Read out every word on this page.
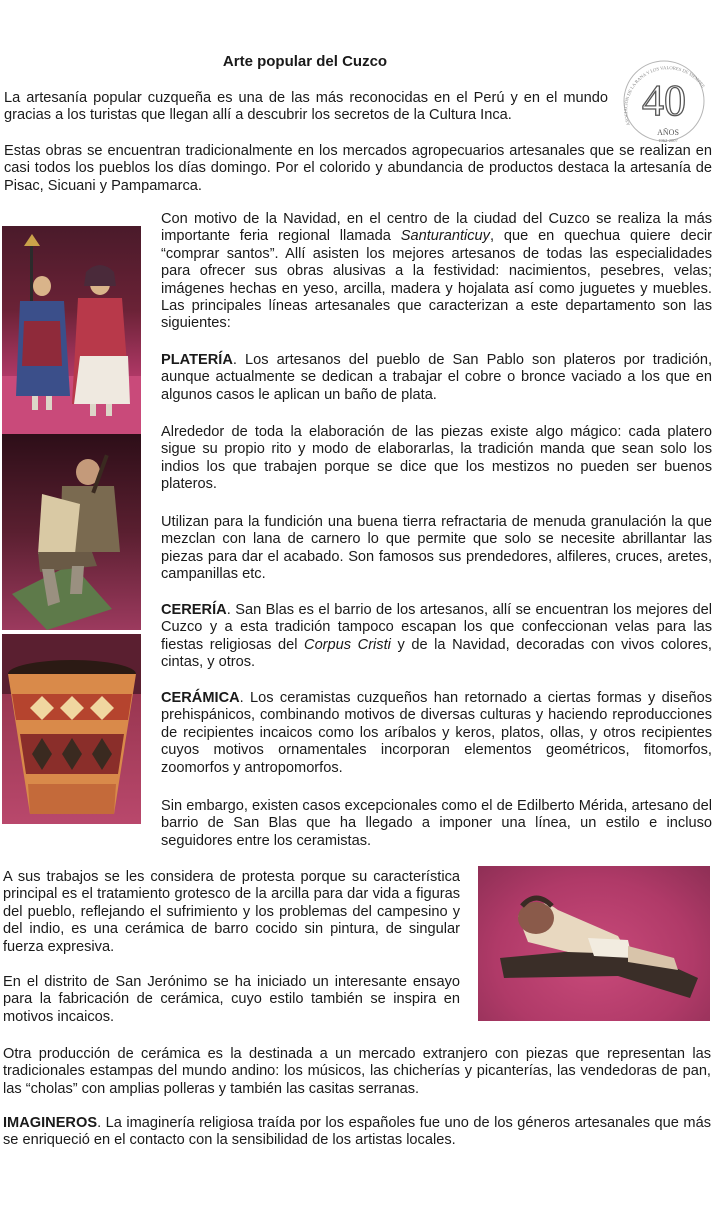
Arte popular del Cuzco
40
AÑOS
1962-2007
ASOCIACIÓN DE LA RANA Y LOS VALORES DE SIEMPRE

La artesanía popular cuzqueña es una de las más reconocidas en el Perú y en el mundo gracias a los turistas que llegan allí a descubrir los secretos de la Cultura Inca.

Estas obras se encuentran tradicionalmente en los mercados agropecuarios artesanales que se realizan en casi todos los pueblos los días domingo. Por el colorido y abundancia de productos destaca la artesanía de Pisac, Sicuani y Pampamarca.

Con motivo de la Navidad, en el centro de la ciudad del Cuzco se realiza la más importante feria regional llamada Santuranticuy, que en quechua quiere decir “comprar santos”. Allí asisten los mejores artesanos de todas las especialidades para ofrecer sus obras alusivas a la festividad: nacimientos, pesebres, velas; imágenes hechas en yeso, arcilla, madera y hojalata así como juguetes y muebles. Las principales líneas artesanales que caracterizan a este departamento son las siguientes:

PLATERÍA. Los artesanos del pueblo de San Pablo son plateros por tradición, aunque actualmente se dedican a trabajar el cobre o bronce vaciado a los que en algunos casos le aplican un baño de plata.

Alrededor de toda la elaboración de las piezas existe algo mágico: cada platero sigue su propio rito y modo de elaborarlas, la tradición manda que sean solo los indios los que trabajen porque se dice que los mestizos no pueden ser buenos plateros.

Utilizan para la fundición una buena tierra refractaria de menuda granulación la que mezclan con lana de carnero lo que permite que solo se necesite abrillantar las piezas para dar el acabado. Son famosos sus prendedores, alfileres, cruces, aretes, campanillas etc.

CERERÍA. San Blas es el barrio de los artesanos, allí se encuentran los mejores del Cuzco y a esta tradición tampoco escapan los que confeccionan velas para las fiestas religiosas del Corpus Cristi y de la Navidad, decoradas con vivos colores, cintas, y otros.

CERÁMICA. Los ceramistas cuzqueños han retornado a ciertas formas y diseños prehispánicos, combinando motivos de diversas culturas y haciendo reproducciones de recipientes incaicos como los aríbalos y keros, platos, ollas, y otros recipientes cuyos motivos ornamentales incorporan elementos geométricos, fitomorfos, zoomorfos y antropomorfos.

Sin embargo, existen casos excepcionales como el de Edilberto Mérida, artesano del barrio de San Blas que ha llegado a imponer una línea, un estilo e incluso seguidores entre los ceramistas.

A sus trabajos se les considera de protesta porque su característica principal es el tratamiento grotesco de la arcilla para dar vida a figuras del pueblo, reflejando el sufrimiento y los problemas del campesino y del indio, es una cerámica de barro cocido sin pintura, de singular fuerza expresiva.

En el distrito de San Jerónimo se ha iniciado un interesante ensayo para la fabricación de cerámica, cuyo estilo también se inspira en motivos incaicos.

Otra producción de cerámica es la destinada a un mercado extranjero con piezas que representan las tradicionales estampas del mundo andino: los músicos, las chicherías y picanterías, las vendedoras de pan, las “cholas” con amplias polleras y también las casitas serranas.

IMAGINEROS. La imaginería religiosa traída por los españoles fue uno de los géneros artesanales que más se enriqueció en el contacto con la sensibilidad de los artistas locales.
